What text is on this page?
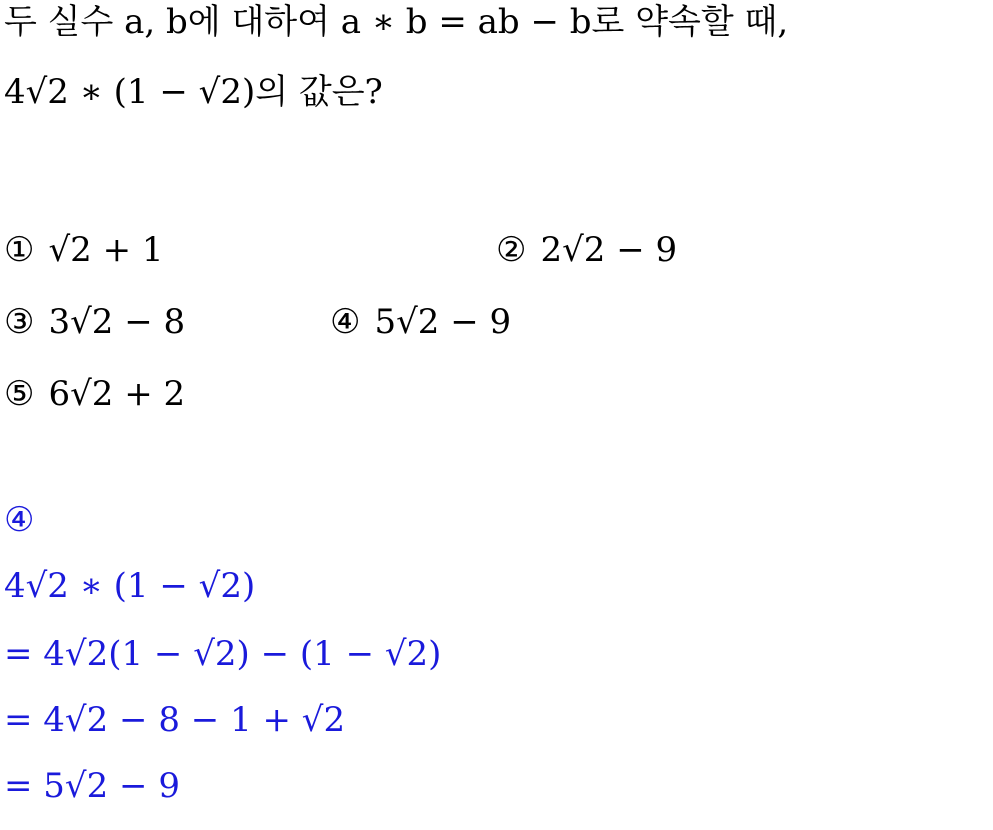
두 실수 a, b에 대하여 a ∗ b = ab − b로 약속할 때,
4√2 ∗ (1 − √2)의 값은?
① √2 + 1	② 2√2 − 9
③ 3√2 − 8	④ 5√2 − 9
⑤ 6√2 + 2
④
4√2 ∗ (1 − √2)
= 4√2(1 − √2) − (1 − √2)
= 4√2 − 8 − 1 + √2
= 5√2 − 9
